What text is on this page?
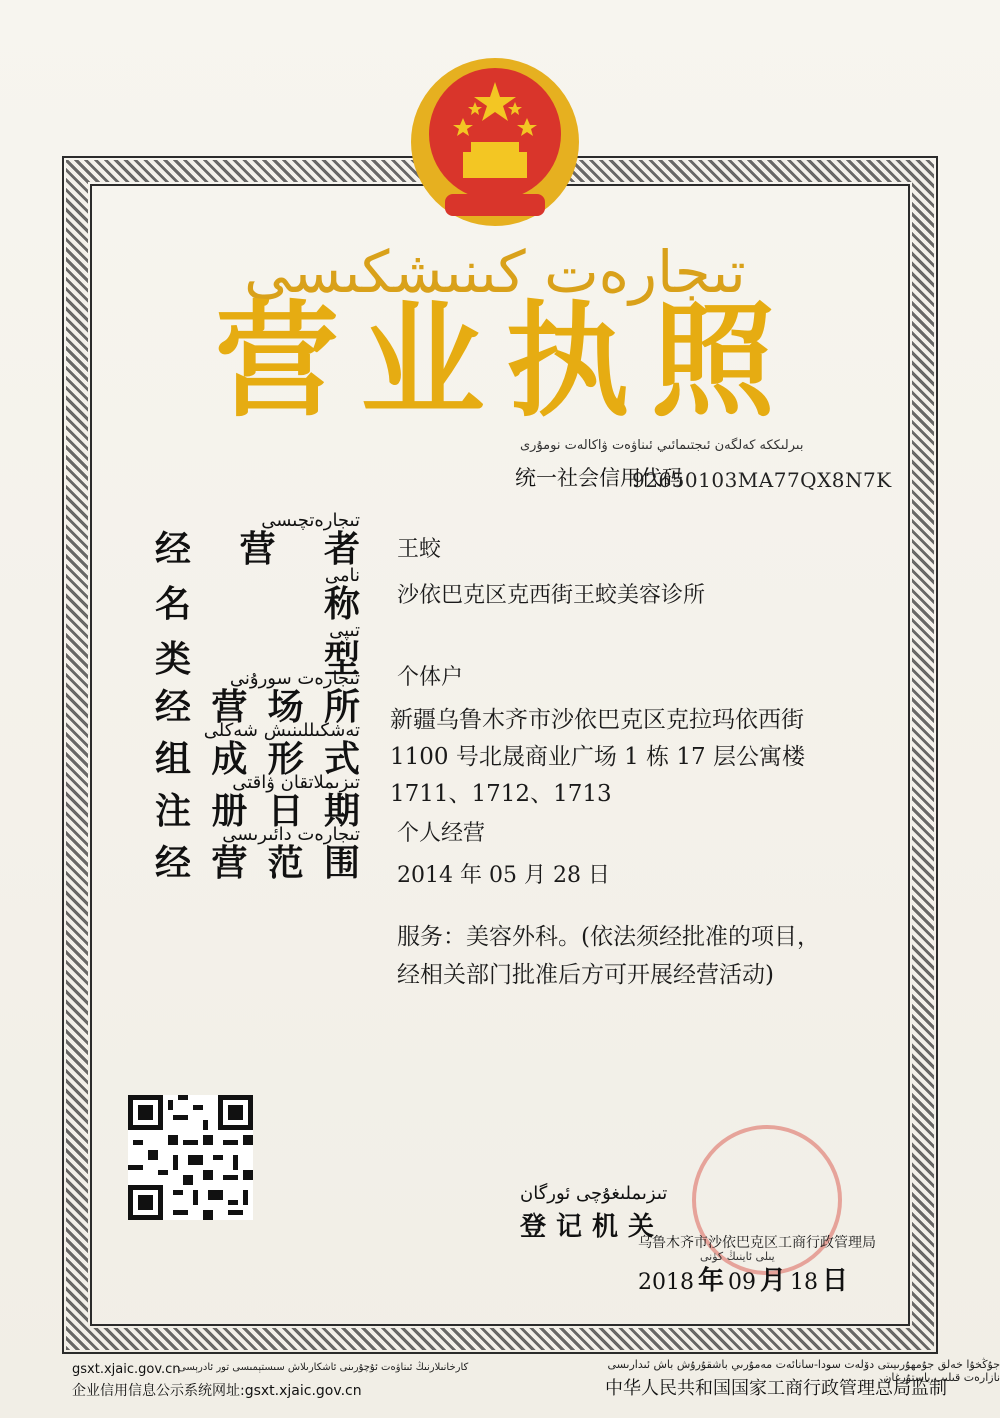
تىجارەت كىنىشكىسى
营 业 执 照
بىرلىككە كەلگەن ئىجتىمائىي ئىناۋەت ۋاكالەت نومۇرى
统一社会信用代码
92650103MA77QX8N7K
تىجارەتچىسى
经 营 者
نامى
名	称
تىپى
类	型
تىجارەت سورۇنى
经 营 场 所
تەشكىللىنىش شەكلى
组 成 形 式
تىزىملاتقان ۋاقتى
注 册 日 期
تىجارەت دائىرىسى
经 营 范 围
王蛟
沙依巴克区克西街王蛟美容诊所
个体户
新疆乌鲁木齐市沙依巴克区克拉玛依西街
1100 号北晟商业广场 1 栋 17 层公寓楼
1711、1712、1713
个人经营
2014 年 05 月 28 日
服务：美容外科。(依法须经批准的项目，
经相关部门批准后方可开展经营活动)
تىزىملىغۇچى ئورگان
登记机关
乌鲁木齐市沙依巴克区工商行政管理局
يىلى ئاينىڭ كۈنى
2018 年 09 月 18 日
gsxt.xjaic.gov.cn
كارخانىلارنىڭ ئىناۋەت ئۇچۇرىنى ئاشكارىلاش سىستېمىسى تور ئادرېسى
企业信用信息公示系统网址:gsxt.xjaic.gov.cn
جۇڭخۇا خەلق جۇمھۇرىيىتى دۆلەت سودا-سانائەت مەمۇرىي باشقۇرۇش باش ئىدارىسى نازارەت قىلىپ باستۇرغان
中华人民共和国国家工商行政管理总局监制
